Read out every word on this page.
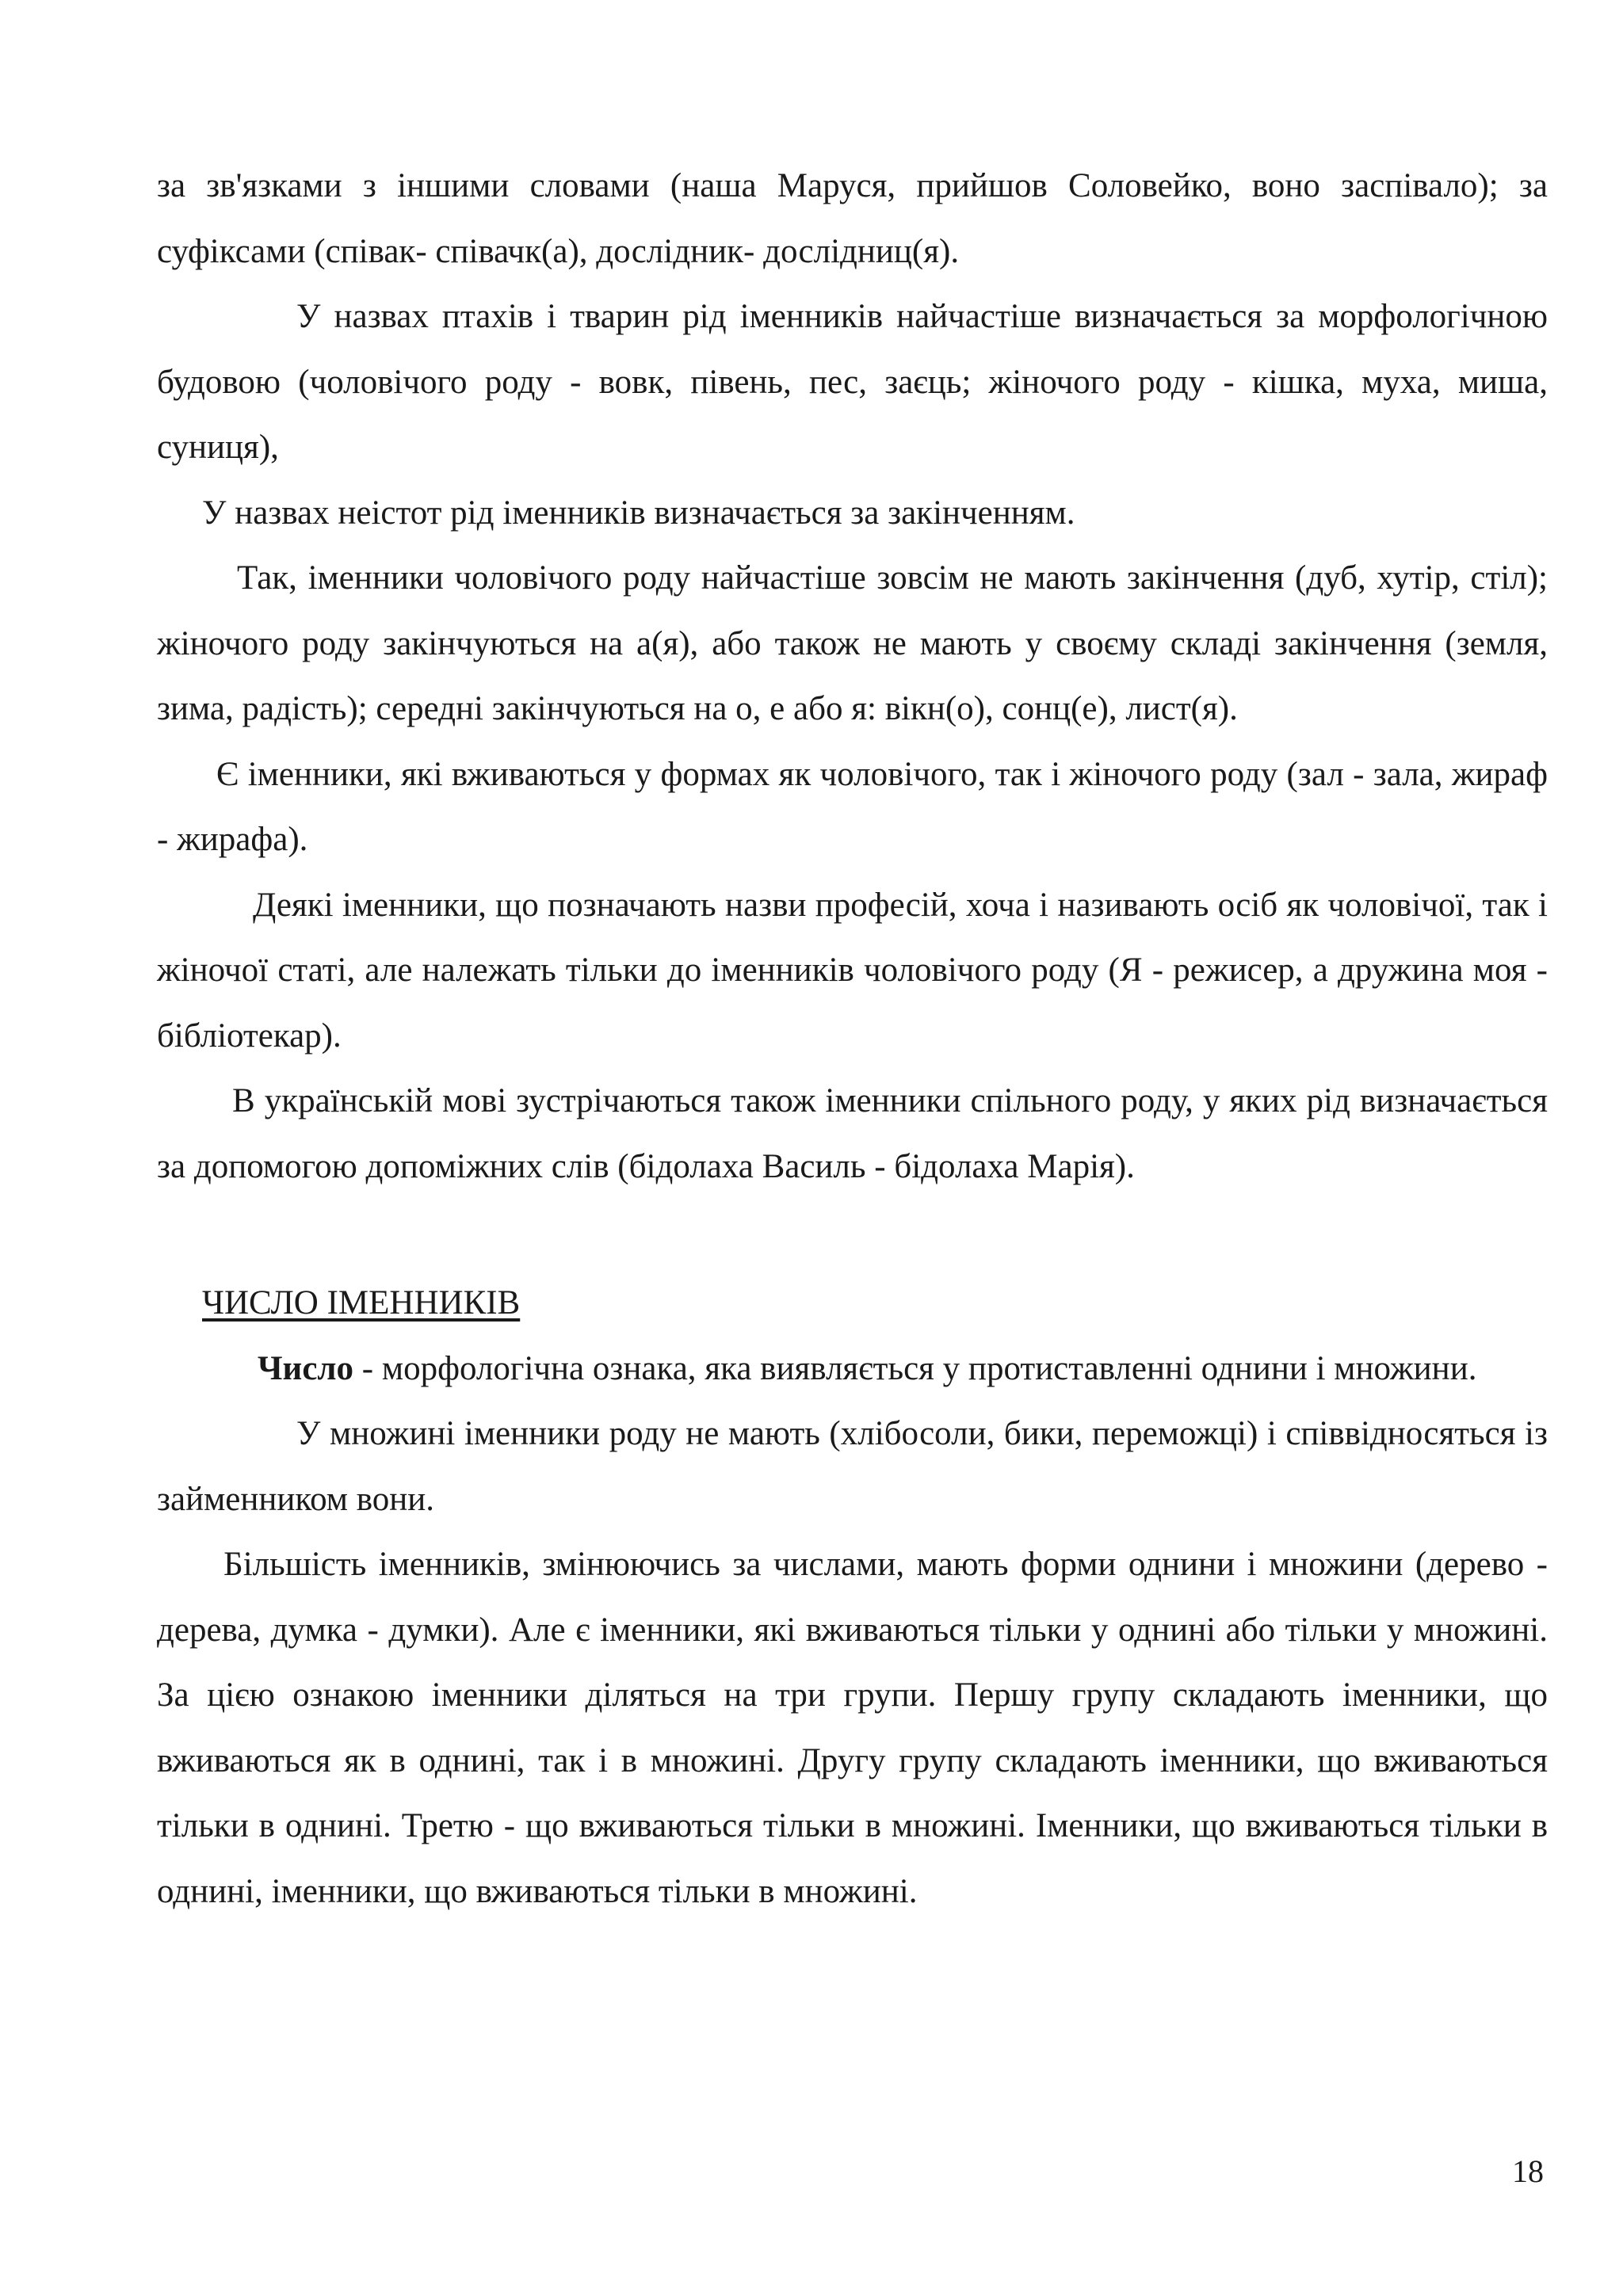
за зв'язками з іншими словами (наша Маруся, прийшов Соловейко, воно заспівало); за суфіксами (співак- співачк(а), дослідник- дослідниц(я).

У назвах птахів і тварин рід іменників найчастіше визначається за морфологічною будовою (чоловічого роду - вовк, півень, пес, заєць; жіночого роду - кішка, муха, миша, суниця),

У назвах неістот рід іменників визначається за закінченням.

Так, іменники чоловічого роду найчастіше зовсім не мають закінчення (дуб, хутір, стіл); жіночого роду закінчуються на а(я), або також не мають у своєму складі закінчення (земля, зима, радість); середні закінчуються на о, е або я: вікн(о), сонц(е), лист(я).

Є іменники, які вживаються у формах як чоловічого, так і жіночого роду (зал - зала, жираф - жирафа).

Деякі іменники, що позначають назви професій, хоча і називають осіб як чоловічої, так і жіночої статі, але належать тільки до іменників чоловічого роду (Я - режисер, а дружина моя - бібліотекар).

В українській мові зустрічаються також іменники спільного роду, у яких рід визначається за допомогою допоміжних слів (бідолаха Василь - бідолаха Марія).

ЧИСЛО ІМЕННИКІВ

Число - морфологічна ознака, яка виявляється у протиставленні однини і множини.

У множині іменники роду не мають (хлібосоли, бики, переможці) і співвідносяться із займенником вони.

Більшість іменників, змінюючись за числами, мають форми однини і множини (дерево - дерева, думка - думки). Але є іменники, які вживаються тільки у однині або тільки у множині. За цією ознакою іменники діляться на три групи. Першу групу складають іменники, що вживаються як в однині, так і в множині. Другу групу складають іменники, що вживаються тільки в однині. Третю - що вживаються тільки в множині. Іменники, що вживаються тільки в однині, іменники, що вживаються тільки в множині.

18
